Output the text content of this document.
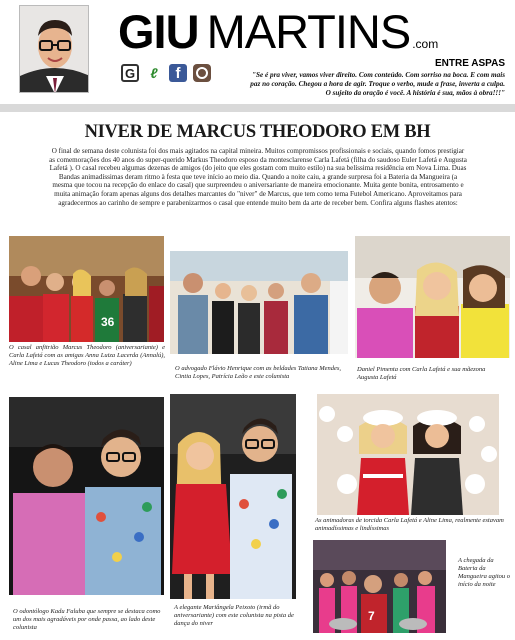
GIU MARTINS .com
G	ℓ	f
ENTRE ASPAS
"Se é pra viver, vamos viver direito. Com conteúdo. Com sorriso na boca. E com mais paz no coração. Chegou a hora de agir. Troque o verbo, mude a frase, inverta a culpa. O sujeito da oração é você. A história é sua, mãos à obra!!!"
NIVER DE MARCUS THEODORO EM BH
O final de semana deste colunista foi dos mais agitados na capital mineira. Muitos compromissos profissionais e sociais, quando fomos prestigiar as comemorações dos 40 anos do super-querido Markus Theodoro esposo da montesclarense Carla Lafetá (filha do saudoso Euler Lafetá e Augusta Lafetá ). O casal recebeu algumas dezenas de amigos (do jeito que eles gostam com muito estilo) na sua belíssima residência em Nova Lima. Duas Bandas animadíssimas deram ritmo à festa que teve início ao meio dia. Quando a noite caiu, a grande surpresa foi a Bateria da Mangueira (a mesma que tocou na recepção do enlace do casal) que surpreendeu o aniversariante de maneira emocionante. Muita gente bonita, entrosamento e muita animação foram apenas alguns dos detalhes marcantes do "niver" de Marcus, que tem como tema Futebol Americano. Aproveitamos para agradecermos ao carinho de sempre e parabenizarmos o casal que entende muito bem da arte de receber bem. Confira alguns flashes atentos:
36
O casal anfitrião Marcus Theodoro (aniversariante) e Carla Lafetá com as amigas Anna Luiza Lacerda (Annalú), Aline Lima e Lucas Theodoro (todos a caráter)
O advogado Flávio Henrique com as beldades Tatiana Mendes, Cintia Lopes, Patrícia Leão e este colunista
Daniel Pimenta com Carla Lafetá e sua mãezona Augusta Lafetá
O odontólogo Kadu Faluba que sempre se destaca como um dos mais agradáveis por onde passa, ao lado deste colunista
A elegante Mariângela Peixoto (irmã do aniversariante) com este colunista na pista de dança do niver
As animadoras de torcida Carla Lafetá e Aline Lima, realmente estavam animadíssimas e lindíssimas
7
A chegada da Bateria da Mangueira agitou o início da noite
